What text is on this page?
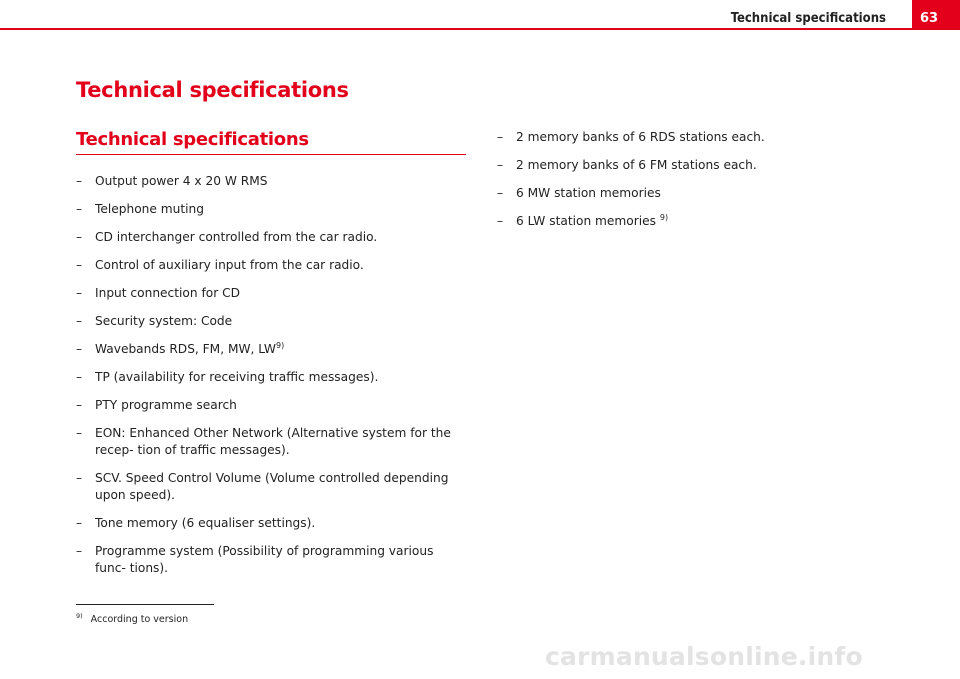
Technical specifications	63
Technical specifications
Technical specifications
– Output power 4 x 20 W RMS
– Telephone muting
– CD interchanger controlled from the car radio.
– Control of auxiliary input from the car radio.
– Input connection for CD
– Security system: Code
– Wavebands RDS, FM, MW, LW$^{9)}$
– TP (availability for receiving traffic messages).
– PTY programme search
– EON: Enhanced Other Network (Alternative system for the recep- tion of traffic messages).
– SCV. Speed Control Volume (Volume controlled depending upon speed).
– Tone memory (6 equaliser settings).
– Programme system (Possibility of programming various func- tions).
– 2 memory banks of 6 RDS stations each.
– 2 memory banks of 6 FM stations each.
– 6 MW station memories
– 6 LW station memories $^{9)}$
$^{9)}$ According to version
carmanualsonline.info
